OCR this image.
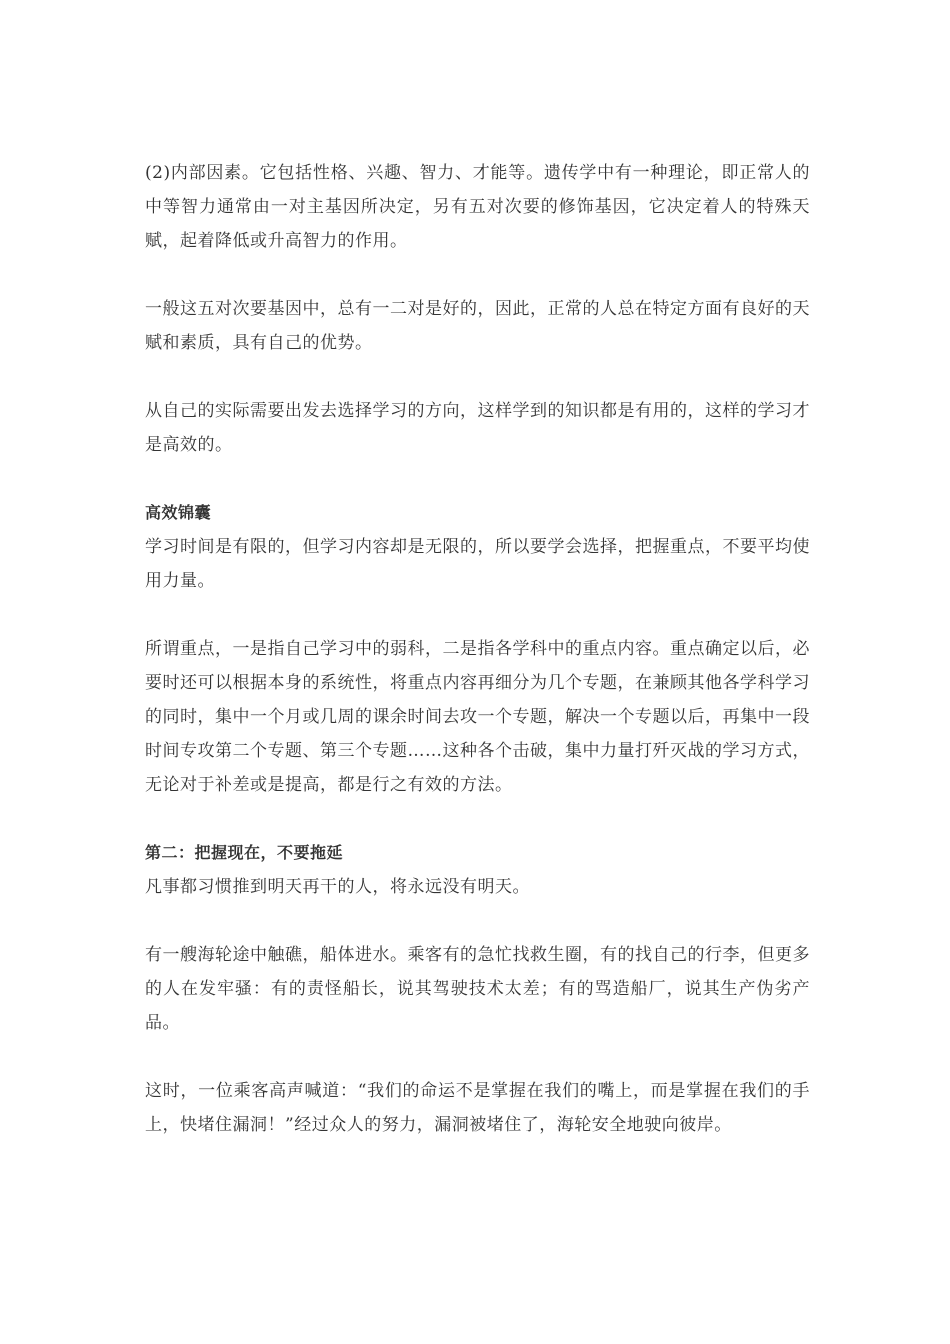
(2)内部因素。它包括性格、兴趣、智力、才能等。遗传学中有一种理论，即正常人的中等智力通常由一对主基因所决定，另有五对次要的修饰基因，它决定着人的特殊天赋，起着降低或升高智力的作用。

一般这五对次要基因中，总有一二对是好的，因此，正常的人总在特定方面有良好的天赋和素质，具有自己的优势。

从自己的实际需要出发去选择学习的方向，这样学到的知识都是有用的，这样的学习才是高效的。

高效锦囊

学习时间是有限的，但学习内容却是无限的，所以要学会选择，把握重点，不要平均使用力量。

所谓重点，一是指自己学习中的弱科，二是指各学科中的重点内容。重点确定以后，必要时还可以根据本身的系统性，将重点内容再细分为几个专题，在兼顾其他各学科学习的同时，集中一个月或几周的课余时间去攻一个专题，解决一个专题以后，再集中一段时间专攻第二个专题、第三个专题……这种各个击破，集中力量打歼灭战的学习方式，无论对于补差或是提高，都是行之有效的方法。

第二：把握现在，不要拖延

凡事都习惯推到明天再干的人，将永远没有明天。

有一艘海轮途中触礁，船体进水。乘客有的急忙找救生圈，有的找自己的行李，但更多的人在发牢骚：有的责怪船长，说其驾驶技术太差；有的骂造船厂，说其生产伪劣产品。

这时，一位乘客高声喊道：“我们的命运不是掌握在我们的嘴上，而是掌握在我们的手上，快堵住漏洞！”经过众人的努力，漏洞被堵住了，海轮安全地驶向彼岸。
